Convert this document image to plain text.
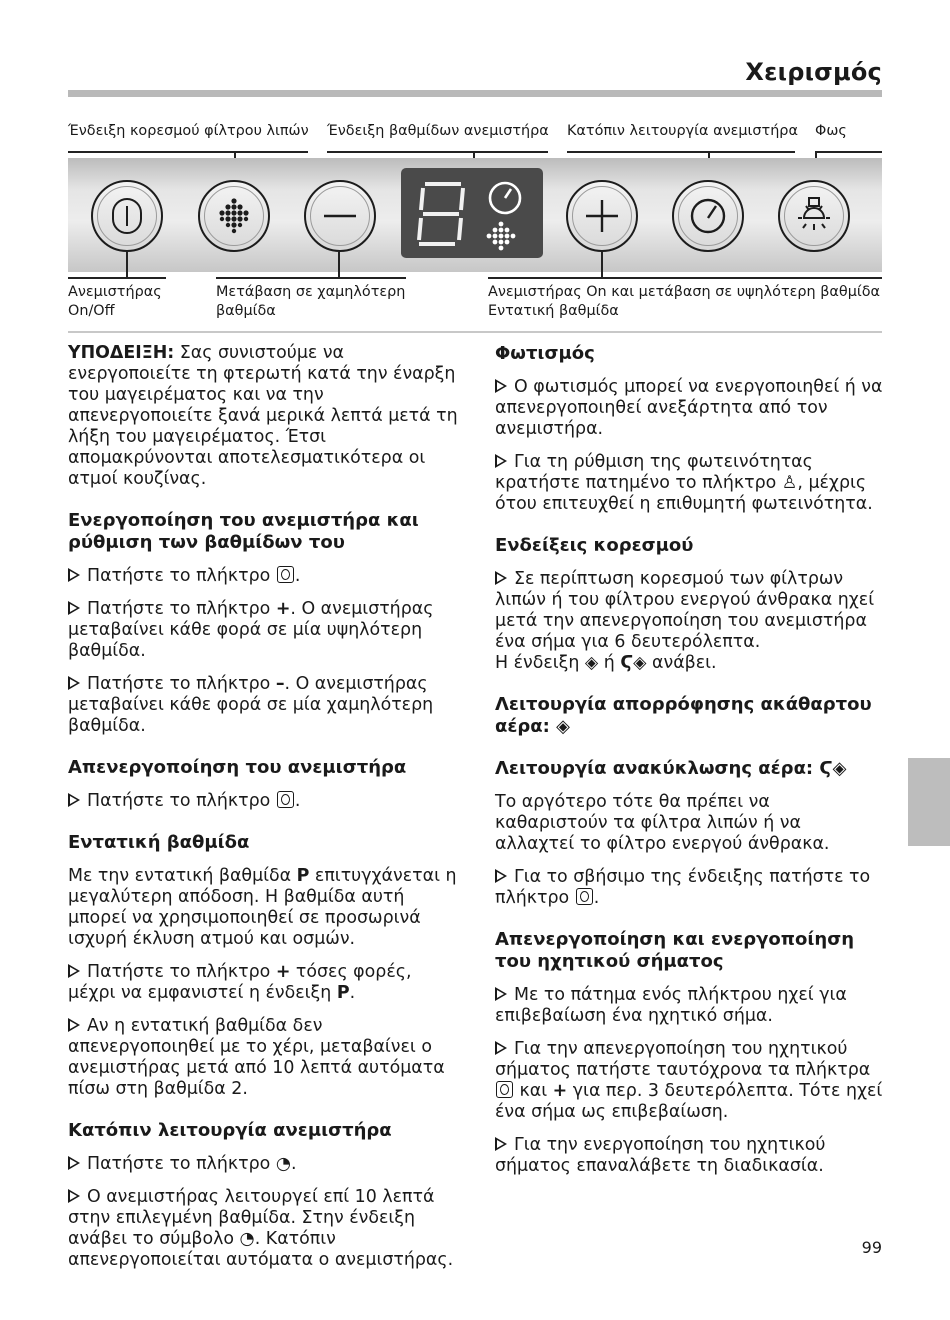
Χειρισμός
Ένδειξη κορεσμού φίλτρου λιπών Ένδειξη βαθμίδων ανεμιστήρα Κατόπιν λειτουργία ανεμιστήρα Φως
8
Ανεμιστήρας
On/Off
Μετάβαση σε χαμηλότερη
βαθμίδα
Ανεμιστήρας On και μετάβαση σε υψηλότερη βαθμίδα
Εντατική βαθμίδα

ΥΠΟΔΕΙΞΗ: Σας συνιστούμε να ενεργοποιείτε τη φτερωτή κατά την έναρξη του μαγειρέματος και να την απενεργοποιείτε ξανά μερικά λεπτά μετά τη λήξη του μαγειρέματος. Έτσι απομακρύνονται αποτελεσματικότερα οι ατμοί κουζίνας.

Ενεργοποίηση του ανεμιστήρα και ρύθμιση των βαθμίδων του

Πατήστε το πλήκτρο .

Πατήστε το πλήκτρο +. Ο ανεμιστήρας μεταβαίνει κάθε φορά σε μία υψηλότερη βαθμίδα.

Πατήστε το πλήκτρο –. Ο ανεμιστήρας μεταβαίνει κάθε φορά σε μία χαμηλότερη βαθμίδα.

Απενεργοποίηση του ανεμιστήρα

Πατήστε το πλήκτρο .

Εντατική βαθμίδα

Με την εντατική βαθμίδα P επιτυγχάνεται η μεγαλύτερη απόδοση. Η βαθμίδα αυτή μπορεί να χρησιμοποιηθεί σε προσωρινά ισχυρή έκλυση ατμού και οσμών.

Πατήστε το πλήκτρο + τόσες φορές, μέχρι να εμφανιστεί η ένδειξη P.

Αν η εντατική βαθμίδα δεν απενεργοποιηθεί με το χέρι, μεταβαίνει ο ανεμιστήρας μετά από 10 λεπτά αυτόματα πίσω στη βαθμίδα 2.

Κατόπιν λειτουργία ανεμιστήρα

Πατήστε το πλήκτρο ◔.

Ο ανεμιστήρας λειτουργεί επί 10 λεπτά στην επιλεγμένη βαθμίδα. Στην ένδειξη ανάβει το σύμβολο ◔. Κατόπιν απενεργοποιείται αυτόματα ο ανεμιστήρας.

Φωτισμός

Ο φωτισμός μπορεί να ενεργοποιηθεί ή να απενεργοποιηθεί ανεξάρτητα από τον ανεμιστήρα.

Για τη ρύθμιση της φωτεινότητας κρατήστε πατημένο το πλήκτρο ♙, μέχρις ότου επιτευχθεί η επιθυμητή φωτεινότητα.

Ενδείξεις κορεσμού

Σε περίπτωση κορεσμού των φίλτρων λιπών ή του φίλτρου ενεργού άνθρακα ηχεί μετά την απενεργοποίηση του ανεμιστήρα ένα σήμα για 6 δευτερόλεπτα.
Η ένδειξη ◈ ή Ϛ◈ ανάβει.

Λειτουργία απορρόφησης ακάθαρτου αέρα: ◈
Λειτουργία ανακύκλωσης αέρα: Ϛ◈

Το αργότερο τότε θα πρέπει να καθαριστούν τα φίλτρα λιπών ή να αλλαχτεί το φίλτρο ενεργού άνθρακα.

Για το σβήσιμο της ένδειξης πατήστε το πλήκτρο .

Απενεργοποίηση και ενεργοποίηση του ηχητικού σήματος

Με το πάτημα ενός πλήκτρου ηχεί για επιβεβαίωση ένα ηχητικό σήμα.

Για την απενεργοποίηση του ηχητικού σήματος πατήστε ταυτόχρονα τα πλήκτρα  και + για περ. 3 δευτερόλεπτα. Τότε ηχεί ένα σήμα ως επιβεβαίωση.

Για την ενεργοποίηση του ηχητικού σήματος επαναλάβετε τη διαδικασία.

99
